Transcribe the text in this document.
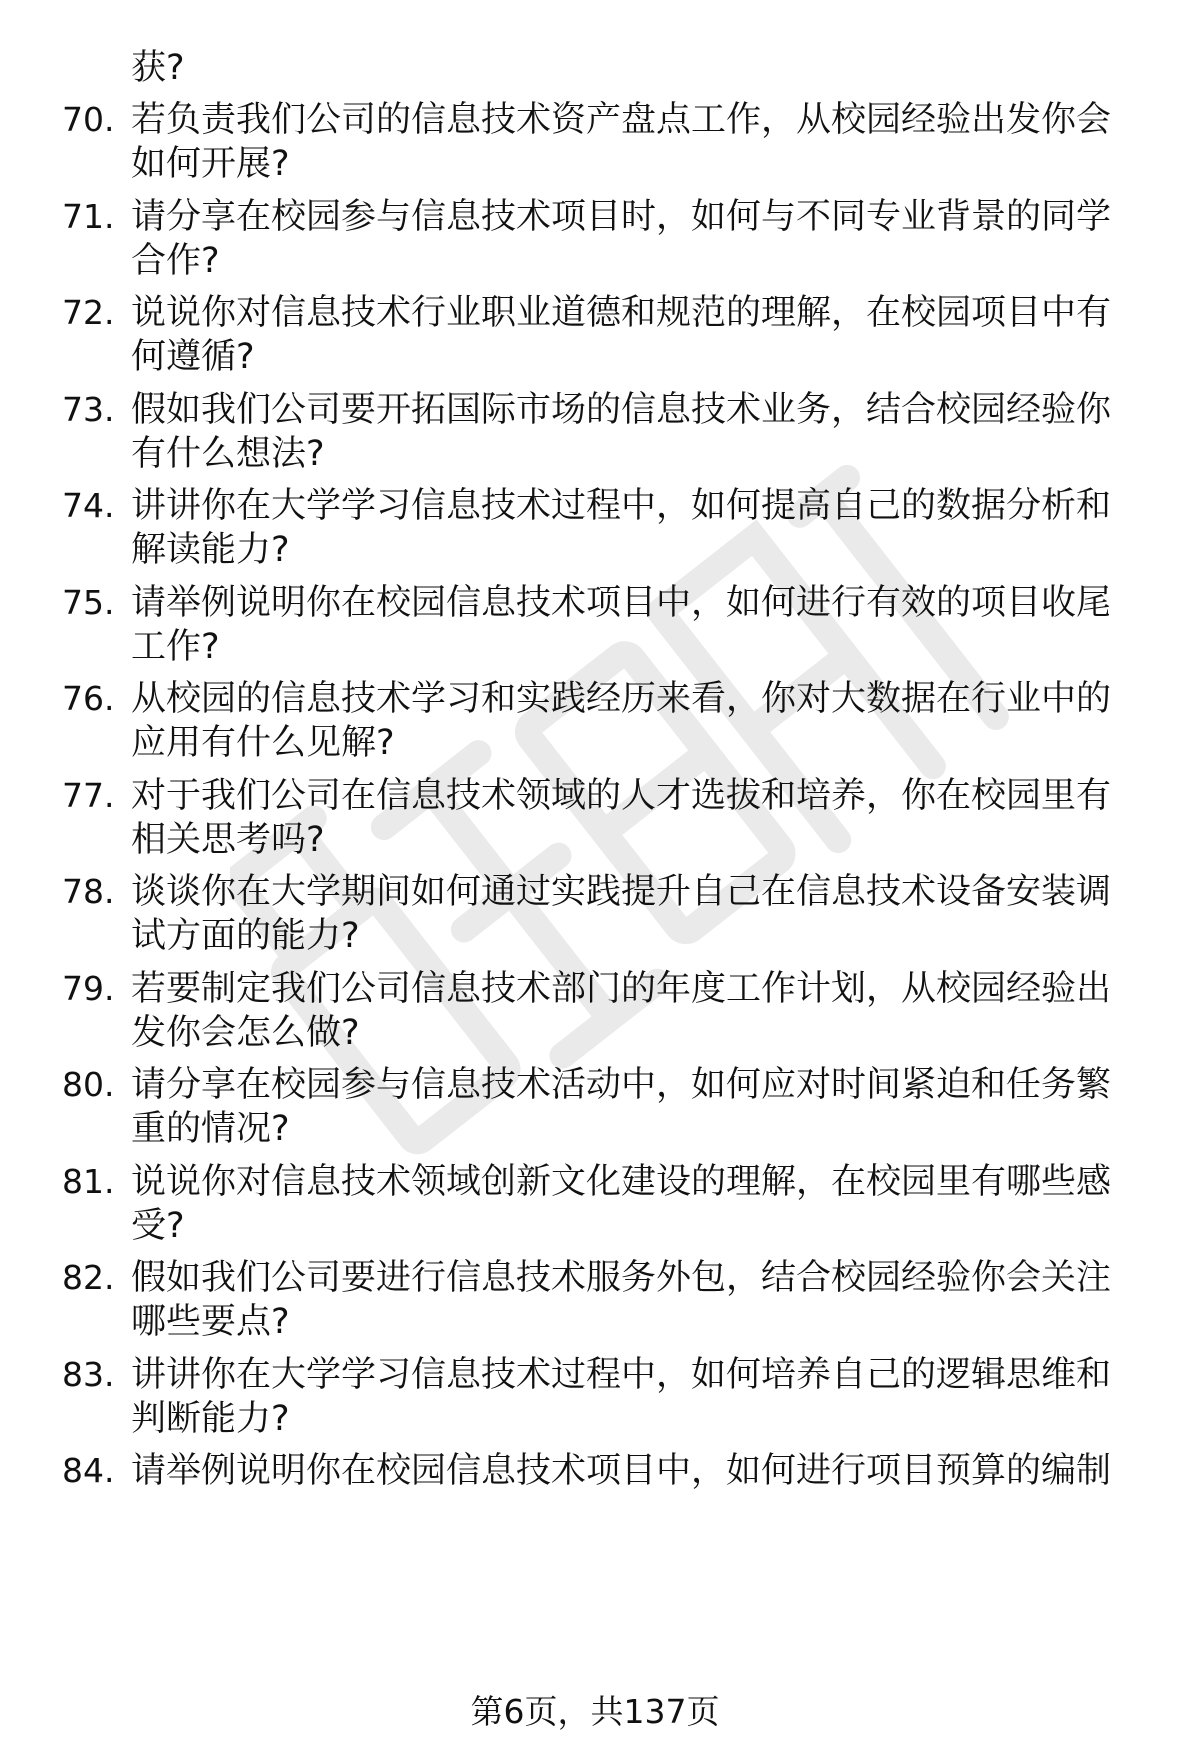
获?
70. 若负责我们公司的信息技术资产盘点工作，从校园经验出发你会
如何开展?
71. 请分享在校园参与信息技术项目时，如何与不同专业背景的同学
合作?
72. 说说你对信息技术行业职业道德和规范的理解，在校园项目中有
何遵循?
73. 假如我们公司要开拓国际市场的信息技术业务，结合校园经验你
有什么想法?
74. 讲讲你在大学学习信息技术过程中，如何提高自己的数据分析和
解读能力?
75. 请举例说明你在校园信息技术项目中，如何进行有效的项目收尾
工作?
76. 从校园的信息技术学习和实践经历来看，你对大数据在行业中的
应用有什么见解?
77. 对于我们公司在信息技术领域的人才选拔和培养，你在校园里有
相关思考吗?
78. 谈谈你在大学期间如何通过实践提升自己在信息技术设备安装调
试方面的能力?
79. 若要制定我们公司信息技术部门的年度工作计划，从校园经验出
发你会怎么做?
80. 请分享在校园参与信息技术活动中，如何应对时间紧迫和任务繁
重的情况?
81. 说说你对信息技术领域创新文化建设的理解，在校园里有哪些感
受?
82. 假如我们公司要进行信息技术服务外包，结合校园经验你会关注
哪些要点?
83. 讲讲你在大学学习信息技术过程中，如何培养自己的逻辑思维和
判断能力?
84. 请举例说明你在校园信息技术项目中，如何进行项目预算的编制
第6页，共137页
